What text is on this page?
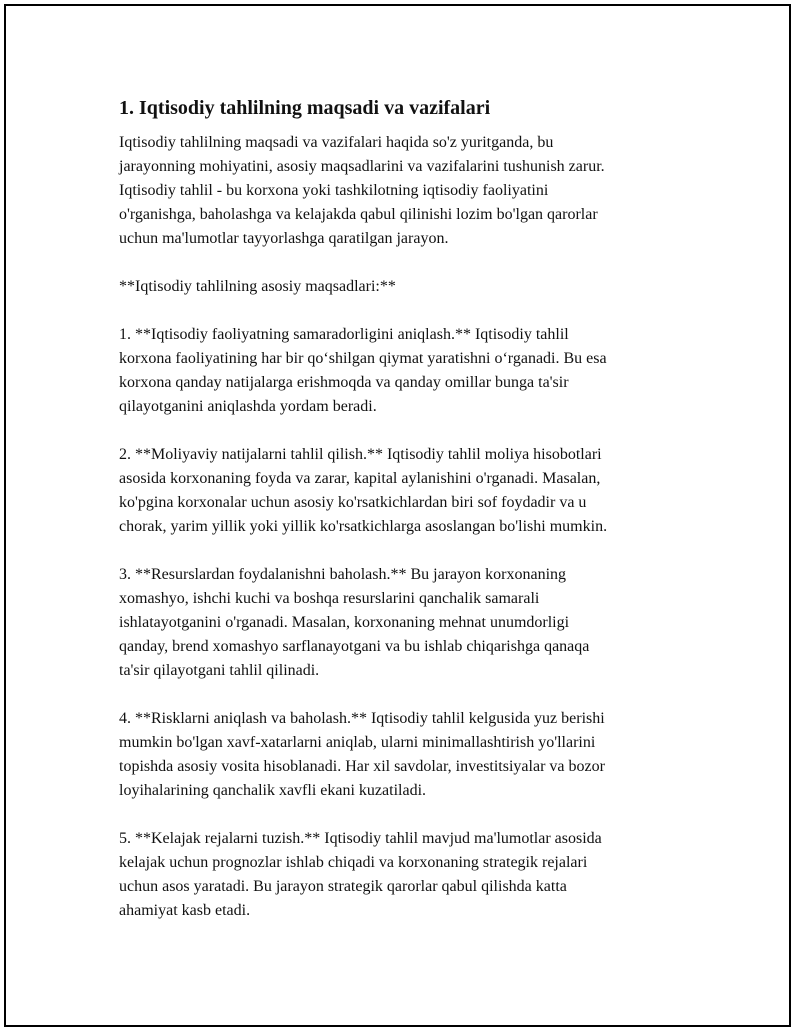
1. Iqtisodiy tahlilning maqsadi va vazifalari

Iqtisodiy tahlilning maqsadi va vazifalari haqida so'z yuritganda, bu
jarayonning mohiyatini, asosiy maqsadlarini va vazifalarini tushunish zarur.
Iqtisodiy tahlil - bu korxona yoki tashkilotning iqtisodiy faoliyatini
o'rganishga, baholashga va kelajakda qabul qilinishi lozim bo'lgan qarorlar
uchun ma'lumotlar tayyorlashga qaratilgan jarayon.

**Iqtisodiy tahlilning asosiy maqsadlari:**

1. **Iqtisodiy faoliyatning samaradorligini aniqlash.** Iqtisodiy tahlil
korxona faoliyatining har bir qo‘shilgan qiymat yaratishni o‘rganadi. Bu esa
korxona qanday natijalarga erishmoqda va qanday omillar bunga ta'sir
qilayotganini aniqlashda yordam beradi.

2. **Moliyaviy natijalarni tahlil qilish.** Iqtisodiy tahlil moliya hisobotlari
asosida korxonaning foyda va zarar, kapital aylanishini o'rganadi. Masalan,
ko'pgina korxonalar uchun asosiy ko'rsatkichlardan biri sof foydadir va u
chorak, yarim yillik yoki yillik ko'rsatkichlarga asoslangan bo'lishi mumkin.

3. **Resurslardan foydalanishni baholash.** Bu jarayon korxonaning
xomashyo, ishchi kuchi va boshqa resurslarini qanchalik samarali
ishlatayotganini o'rganadi. Masalan, korxonaning mehnat unumdorligi
qanday, brend xomashyo sarflanayotgani va bu ishlab chiqarishga qanaqa
ta'sir qilayotgani tahlil qilinadi.

4. **Risklarni aniqlash va baholash.** Iqtisodiy tahlil kelgusida yuz berishi
mumkin bo'lgan xavf-xatarlarni aniqlab, ularni minimallashtirish yo'llarini
topishda asosiy vosita hisoblanadi. Har xil savdolar, investitsiyalar va bozor
loyihalarining qanchalik xavfli ekani kuzatiladi.

5. **Kelajak rejalarni tuzish.** Iqtisodiy tahlil mavjud ma'lumotlar asosida
kelajak uchun prognozlar ishlab chiqadi va korxonaning strategik rejalari
uchun asos yaratadi. Bu jarayon strategik qarorlar qabul qilishda katta
ahamiyat kasb etadi.
